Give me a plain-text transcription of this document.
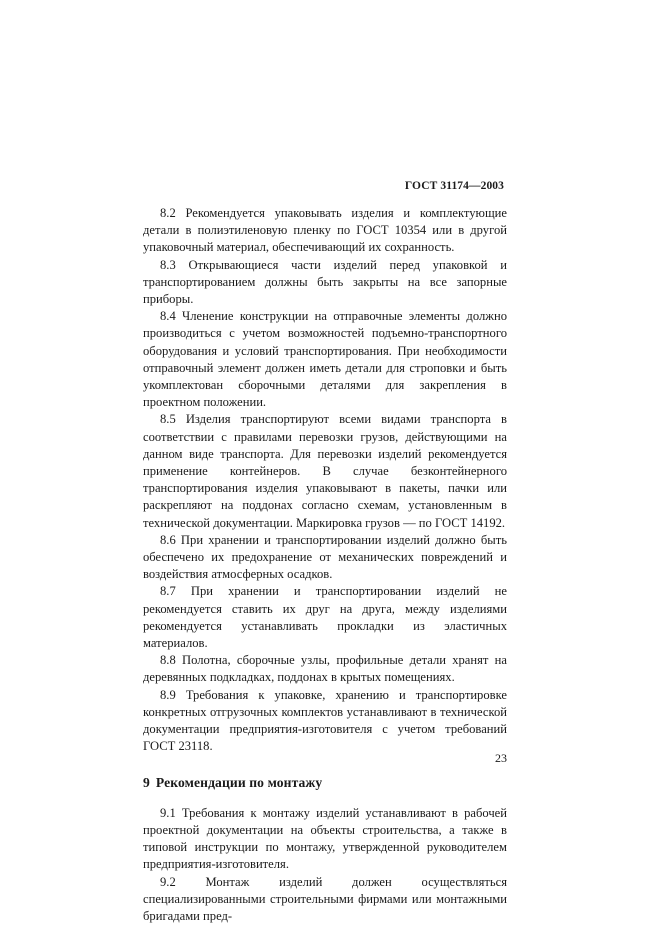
ГОСТ 31174—2003

8.2 Рекомендуется упаковывать изделия и комплектующие детали в полиэтиленовую пленку по ГОСТ 10354 или в другой упаковочный материал, обеспечивающий их сохранность.

8.3 Открывающиеся части изделий перед упаковкой и транспортированием должны быть закрыты на все запорные приборы.

8.4 Членение конструкции на отправочные элементы должно производиться с учетом возможностей подъемно-транспортного оборудования и условий транспортирования. При необходимости отправочный элемент должен иметь детали для строповки и быть укомплектован сборочными деталями для закрепления в проектном положении.

8.5 Изделия транспортируют всеми видами транспорта в соответствии с правилами перевозки грузов, действующими на данном виде транспорта. Для перевозки изделий рекомендуется применение контейнеров. В случае безконтейнерного транспортирования изделия упаковывают в пакеты, пачки или раскрепляют на поддонах согласно схемам, установленным в технической документации. Маркировка грузов — по ГОСТ 14192.

8.6 При хранении и транспортировании изделий должно быть обеспечено их предохранение от механических повреждений и воздействия атмосферных осадков.

8.7 При хранении и транспортировании изделий не рекомендуется ставить их друг на друга, между изделиями рекомендуется устанавливать прокладки из эластичных материалов.

8.8 Полотна, сборочные узлы, профильные детали хранят на деревянных подкладках, поддонах в крытых помещениях.

8.9 Требования к упаковке, хранению и транспортировке конкретных отгрузочных комплектов устанавливают в технической документации предприятия-изготовителя с учетом требований ГОСТ 23118.

9 Рекомендации по монтажу

9.1 Требования к монтажу изделий устанавливают в рабочей проектной документации на объекты строительства, а также в типовой инструкции по монтажу, утвержденной руководителем предприятия-изготовителя.

9.2 Монтаж изделий должен осуществляться специализированными строительными фирмами или монтажными бригадами пред-

23
